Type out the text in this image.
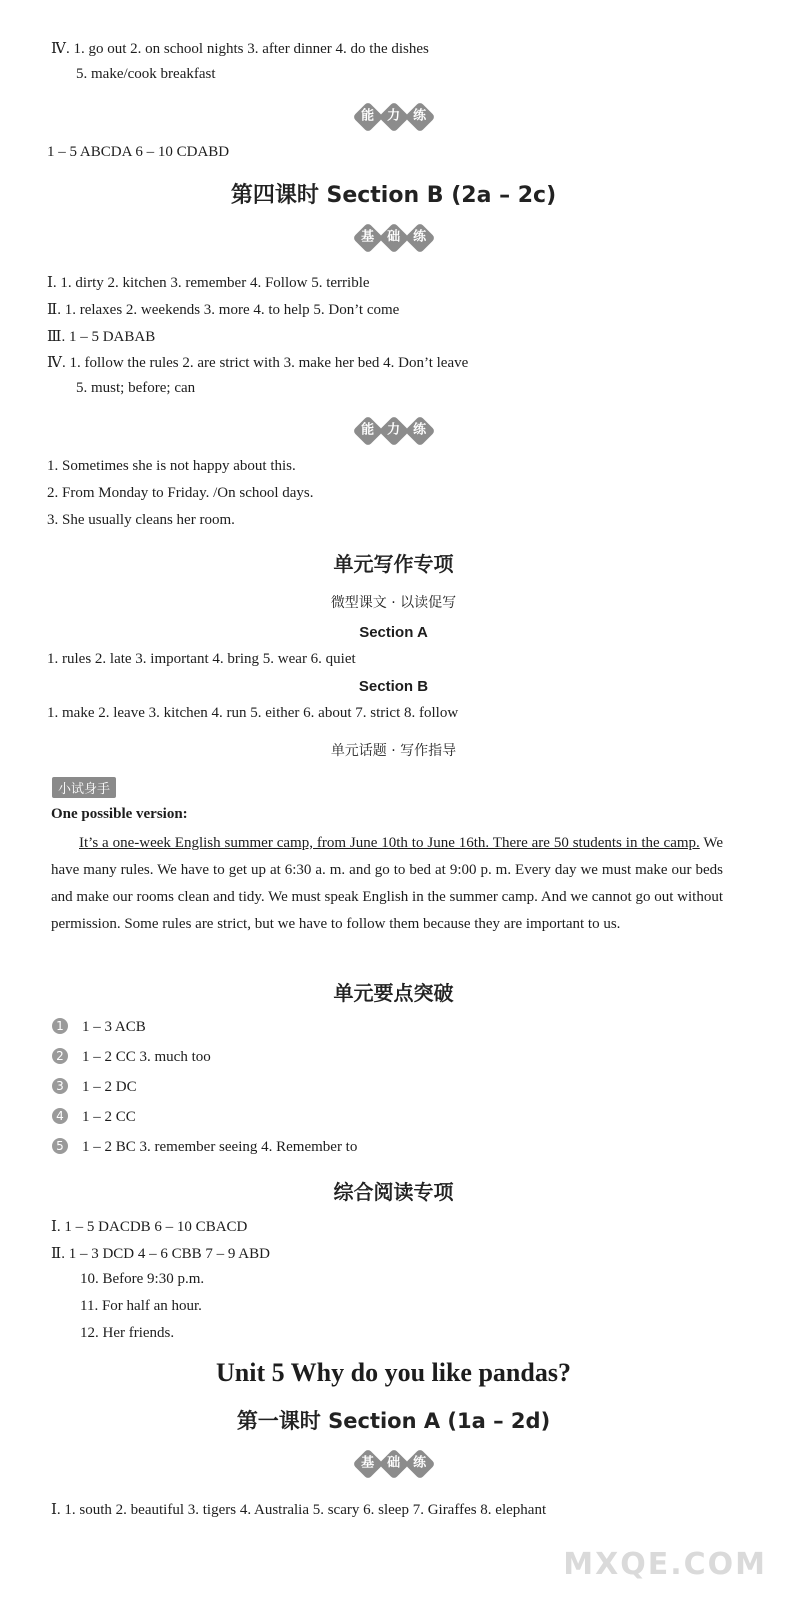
Ⅳ. 1. go out 2. on school nights 3. after dinner 4. do the dishes
5. make/cook breakfast
能 力 练
1 – 5 ABCDA 6 – 10 CDABD
第四课时 Section B (2a – 2c)
基 础 练
Ⅰ. 1. dirty 2. kitchen 3. remember 4. Follow 5. terrible
Ⅱ. 1. relaxes 2. weekends 3. more 4. to help 5. Don’t come
Ⅲ. 1 – 5 DABAB
Ⅳ. 1. follow the rules 2. are strict with 3. make her bed 4. Don’t leave
5. must; before; can
能 力 练
1. Sometimes she is not happy about this.
2. From Monday to Friday. /On school days.
3. She usually cleans her room.
单元写作专项
微型课文 · 以读促写
Section A
1. rules 2. late 3. important 4. bring 5. wear 6. quiet
Section B
1. make 2. leave 3. kitchen 4. run 5. either 6. about 7. strict 8. follow
单元话题 · 写作指导
小试身手
One possible version:
It’s a one-week English summer camp, from June 10th to June 16th. There are 50 students in the camp. We have many rules. We have to get up at 6:30 a. m. and go to bed at 9:00 p. m. Every day we must make our beds and make our rooms clean and tidy. We must speak English in the summer camp. And we cannot go out without permission. Some rules are strict, but we have to follow them because they are important to us.
单元要点突破
1 1 – 3 ACB
2 1 – 2 CC 3. much too
3 1 – 2 DC
4 1 – 2 CC
5 1 – 2 BC 3. remember seeing 4. Remember to
综合阅读专项
Ⅰ. 1 – 5 DACDB 6 – 10 CBACD
Ⅱ. 1 – 3 DCD 4 – 6 CBB 7 – 9 ABD
10. Before 9:30 p.m.
11. For half an hour.
12. Her friends.
Unit 5 Why do you like pandas?
第一课时 Section A (1a – 2d)
基 础 练
Ⅰ. 1. south 2. beautiful 3. tigers 4. Australia 5. scary 6. sleep 7. Giraffes 8. elephant
MXQE.COM
